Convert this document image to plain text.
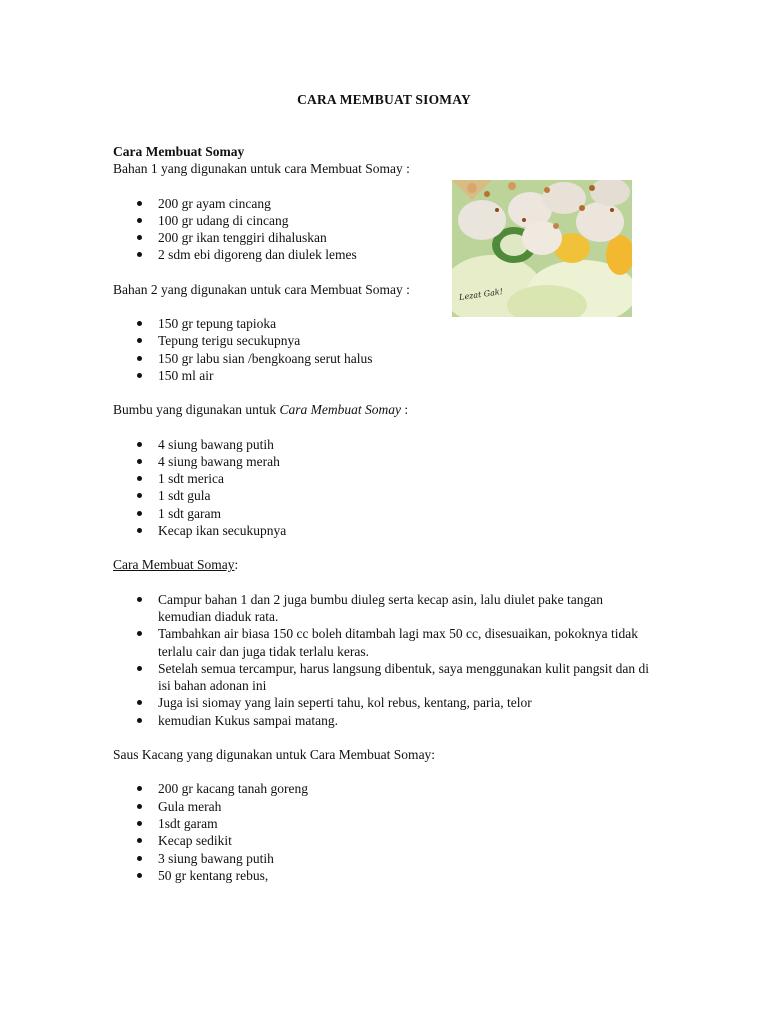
CARA MEMBUAT SIOMAY
Lezat Gak!

Cara Membuat Somay

Bahan 1 yang digunakan untuk cara Membuat Somay :

200 gr ayam cincang
100 gr udang di cincang
200 gr ikan tenggiri dihaluskan
2 sdm ebi digoreng dan diulek lemes

Bahan 2 yang digunakan untuk cara Membuat Somay :

150 gr tepung tapioka
Tepung terigu secukupnya
150 gr labu sian /bengkoang serut halus
150 ml air

Bumbu yang digunakan untuk Cara Membuat Somay :

4 siung bawang putih
4 siung bawang merah
1 sdt merica
1 sdt gula
1 sdt garam
Kecap ikan secukupnya

Cara Membuat Somay:

Campur bahan 1 dan 2 juga bumbu diuleg serta kecap asin, lalu diulet pake tangan kemudian diaduk rata.
Tambahkan air biasa 150 cc boleh ditambah lagi max 50 cc, disesuaikan, pokoknya tidak terlalu cair dan juga tidak terlalu keras.
Setelah semua tercampur, harus langsung dibentuk, saya menggunakan kulit pangsit dan di isi bahan adonan ini
Juga isi siomay yang lain seperti tahu, kol rebus, kentang, paria, telor
kemudian Kukus sampai matang.

Saus Kacang yang digunakan untuk Cara Membuat Somay:

200 gr kacang tanah goreng
Gula merah
1sdt garam
Kecap sedikit
3 siung bawang putih
50 gr kentang rebus,
